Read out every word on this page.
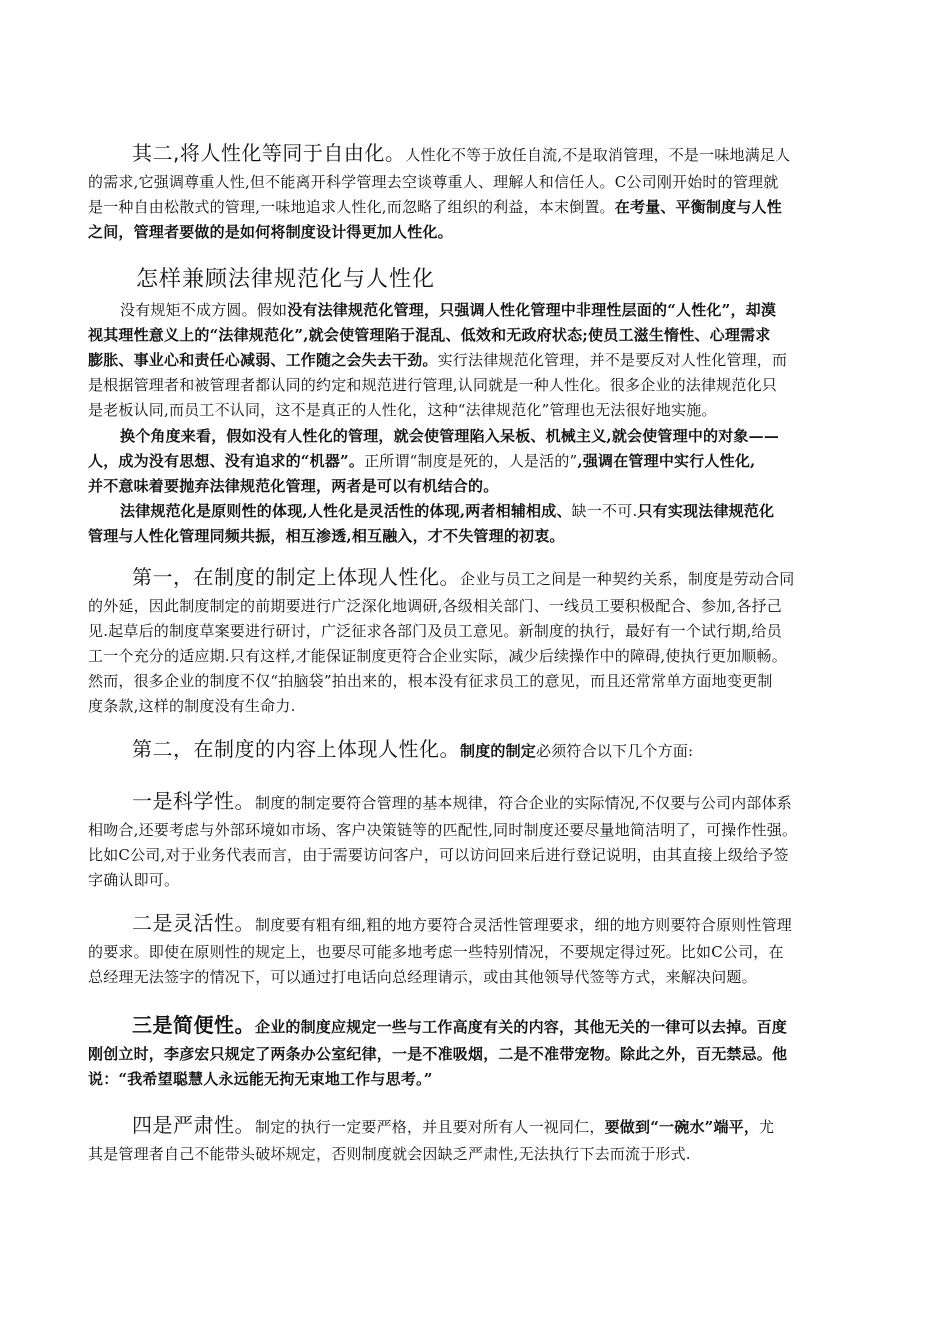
其二,将人性化等同于自由化。人性化不等于放任自流,不是取消管理，不是一味地满足人
的需求,它强调尊重人性,但不能离开科学管理去空谈尊重人、理解人和信任人。C公司刚开始时的管理就
是一种自由松散式的管理,一味地追求人性化,而忽略了组织的利益，本末倒置。在考量、平衡制度与人性
之间，管理者要做的是如何将制度设计得更加人性化。
怎样兼顾法律规范化与人性化
没有规矩不成方圆。假如没有法律规范化管理，只强调人性化管理中非理性层面的“人性化”，却漠
视其理性意义上的“法律规范化”,就会使管理陷于混乱、低效和无政府状态;使员工滋生惰性、心理需求
膨胀、事业心和责任心减弱、工作随之会失去干劲。实行法律规范化管理，并不是要反对人性化管理，而
是根据管理者和被管理者都认同的约定和规范进行管理,认同就是一种人性化。很多企业的法律规范化只
是老板认同,而员工不认同，这不是真正的人性化，这种“法律规范化”管理也无法很好地实施。
换个角度来看，假如没有人性化的管理，就会使管理陷入呆板、机械主义,就会使管理中的对象——
人，成为没有思想、没有追求的“机器”。正所谓“制度是死的，人是活的”,强调在管理中实行人性化,
并不意味着要抛弃法律规范化管理，两者是可以有机结合的。
法律规范化是原则性的体现,人性化是灵活性的体现,两者相辅相成、缺一不可.只有实现法律规范化
管理与人性化管理同频共振，相互渗透,相互融入，才不失管理的初衷。
第一，在制度的制定上体现人性化。企业与员工之间是一种契约关系，制度是劳动合同
的外延，因此制度制定的前期要进行广泛深化地调研,各级相关部门、一线员工要积极配合、参加,各抒己
见.起草后的制度草案要进行研讨，广泛征求各部门及员工意见。新制度的执行，最好有一个试行期,给员
工一个充分的适应期.只有这样,才能保证制度更符合企业实际，减少后续操作中的障碍,使执行更加顺畅。
然而，很多企业的制度不仅“拍脑袋”拍出来的，根本没有征求员工的意见，而且还常常单方面地变更制
度条款,这样的制度没有生命力.
第二，在制度的内容上体现人性化。制度的制定必须符合以下几个方面:
一是科学性。制度的制定要符合管理的基本规律，符合企业的实际情况,不仅要与公司内部体系
相吻合,还要考虑与外部环境如市场、客户决策链等的匹配性,同时制度还要尽量地简洁明了，可操作性强。
比如C公司,对于业务代表而言，由于需要访问客户，可以访问回来后进行登记说明，由其直接上级给予签
字确认即可。
二是灵活性。制度要有粗有细,粗的地方要符合灵活性管理要求，细的地方则要符合原则性管理
的要求。即使在原则性的规定上，也要尽可能多地考虑一些特别情况，不要规定得过死。比如C公司，在
总经理无法签字的情况下，可以通过打电话向总经理请示，或由其他领导代签等方式，来解决问题。
三是简便性。企业的制度应规定一些与工作高度有关的内容，其他无关的一律可以去掉。百度
刚创立时，李彦宏只规定了两条办公室纪律，一是不准吸烟，二是不准带宠物。除此之外，百无禁忌。他
说：“我希望聪慧人永远能无拘无束地工作与思考。”
四是严肃性。制定的执行一定要严格，并且要对所有人一视同仁，要做到“一碗水”端平，尤
其是管理者自己不能带头破坏规定，否则制度就会因缺乏严肃性,无法执行下去而流于形式.
